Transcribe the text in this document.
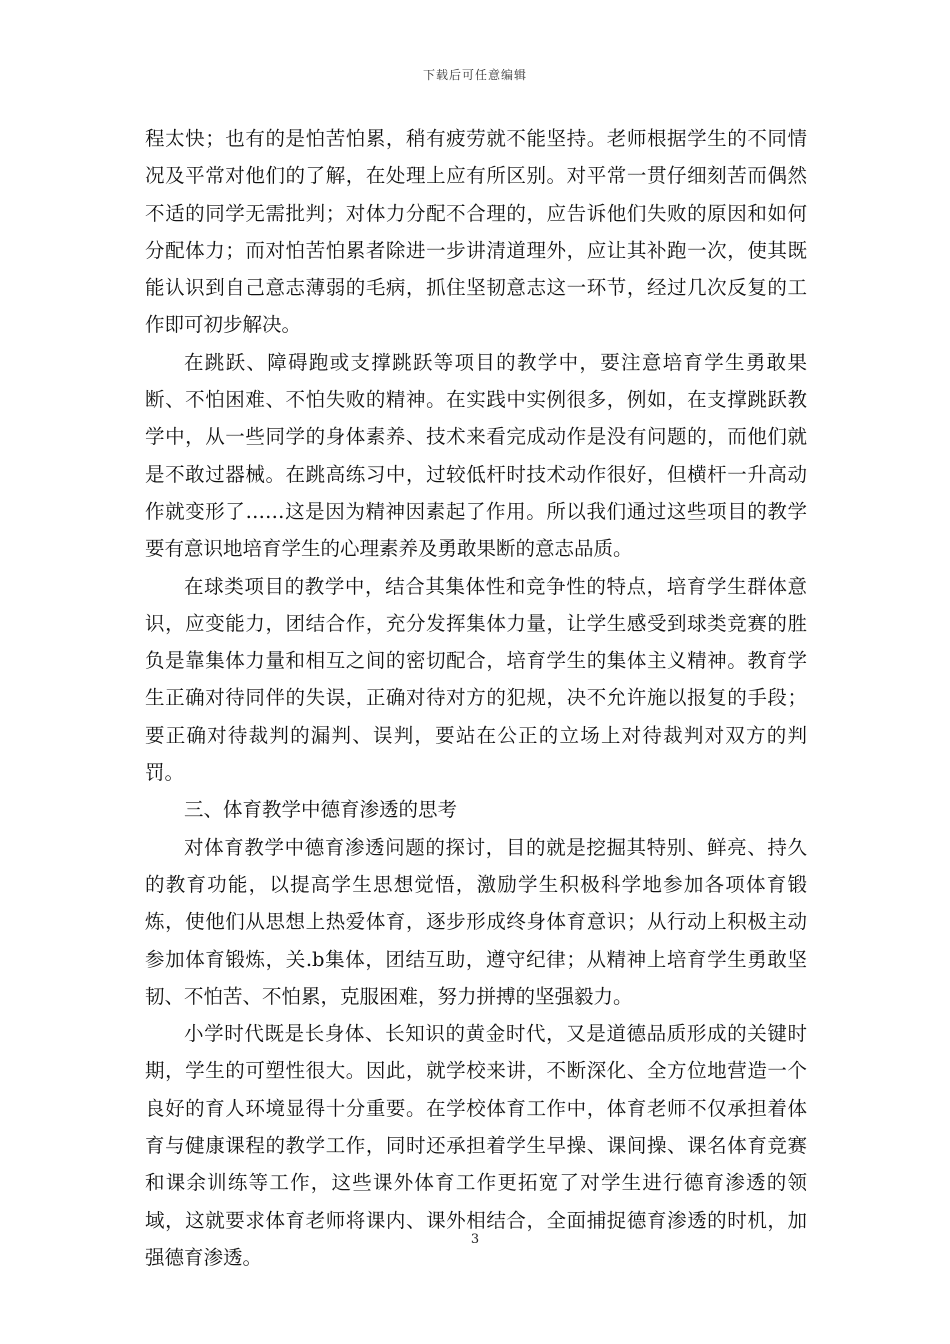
下载后可任意编辑

程太快；也有的是怕苦怕累，稍有疲劳就不能坚持。老师根据学生的不同情况及平常对他们的了解，在处理上应有所区别。对平常一贯仔细刻苦而偶然不适的同学无需批判；对体力分配不合理的，应告诉他们失败的原因和如何分配体力；而对怕苦怕累者除进一步讲清道理外，应让其补跑一次，使其既能认识到自己意志薄弱的毛病，抓住坚韧意志这一环节，经过几次反复的工作即可初步解决。

在跳跃、障碍跑或支撑跳跃等项目的教学中，要注意培育学生勇敢果断、不怕困难、不怕失败的精神。在实践中实例很多，例如，在支撑跳跃教学中，从一些同学的身体素养、技术来看完成动作是没有问题的，而他们就是不敢过器械。在跳高练习中，过较低杆时技术动作很好，但横杆一升高动作就变形了……这是因为精神因素起了作用。所以我们通过这些项目的教学要有意识地培育学生的心理素养及勇敢果断的意志品质。

在球类项目的教学中，结合其集体性和竞争性的特点，培育学生群体意识，应变能力，团结合作，充分发挥集体力量，让学生感受到球类竞赛的胜负是靠集体力量和相互之间的密切配合，培育学生的集体主义精神。教育学生正确对待同伴的失误，正确对待对方的犯规，决不允许施以报复的手段；要正确对待裁判的漏判、误判，要站在公正的立场上对待裁判对双方的判罚。

三、体育教学中德育渗透的思考

对体育教学中德育渗透问题的探讨，目的就是挖掘其特别、鲜亮、持久的教育功能，以提高学生思想觉悟，激励学生积极科学地参加各项体育锻炼，使他们从思想上热爱体育，逐步形成终身体育意识；从行动上积极主动参加体育锻炼，关.b集体，团结互助，遵守纪律；从精神上培育学生勇敢坚韧、不怕苦、不怕累，克服困难，努力拼搏的坚强毅力。

小学时代既是长身体、长知识的黄金时代，又是道德品质形成的关键时期，学生的可塑性很大。因此，就学校来讲，不断深化、全方位地营造一个良好的育人环境显得十分重要。在学校体育工作中，体育老师不仅承担着体育与健康课程的教学工作，同时还承担着学生早操、课间操、课名体育竞赛和课余训练等工作，这些课外体育工作更拓宽了对学生进行德育渗透的领域，这就要求体育老师将课内、课外相结合，全面捕捉德育渗透的时机，加强德育渗透。

3
